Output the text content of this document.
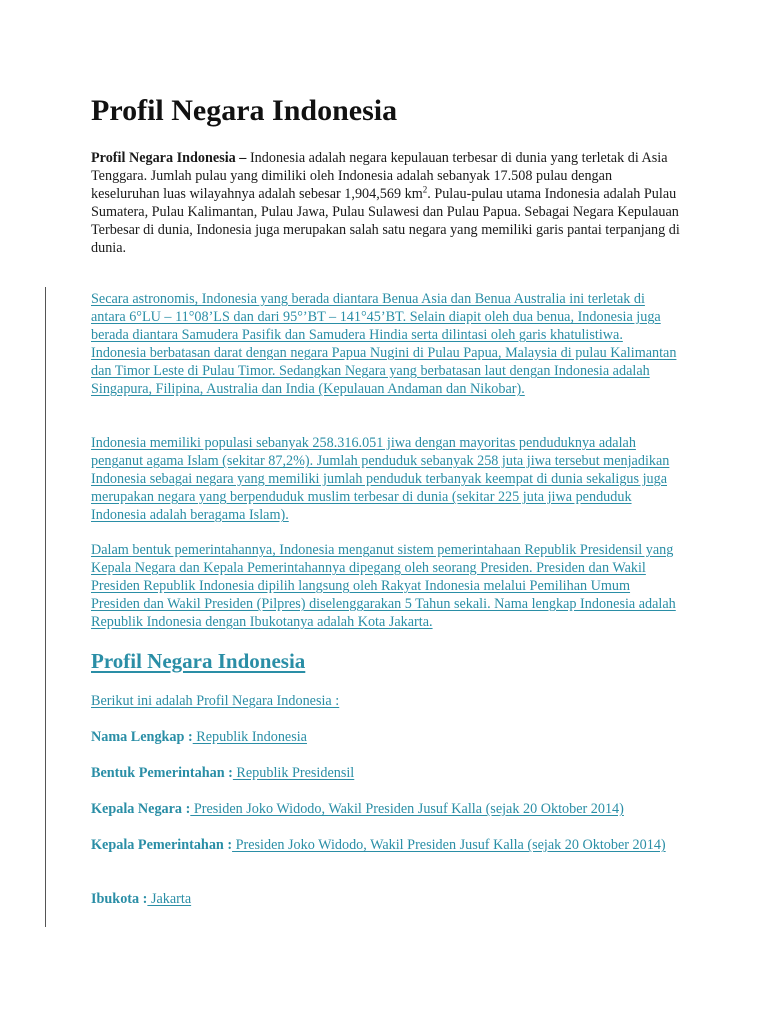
Profil Negara Indonesia

Profil Negara Indonesia – Indonesia adalah negara kepulauan terbesar di dunia yang terletak di Asia Tenggara. Jumlah pulau yang dimiliki oleh Indonesia adalah sebanyak 17.508 pulau dengan keseluruhan luas wilayahnya adalah sebesar 1,904,569 $km^2$. Pulau-pulau utama Indonesia adalah Pulau Sumatera, Pulau Kalimantan, Pulau Jawa, Pulau Sulawesi dan Pulau Papua. Sebagai Negara Kepulauan Terbesar di dunia, Indonesia juga merupakan salah satu negara yang memiliki garis pantai terpanjang di dunia.

Secara astronomis, Indonesia yang berada diantara Benua Asia dan Benua Australia ini terletak di antara 6°LU – 11°08’LS dan dari 95°’BT – 141°45’BT. Selain diapit oleh dua benua, Indonesia juga berada diantara Samudera Pasifik dan Samudera Hindia serta dilintasi oleh garis khatulistiwa. Indonesia berbatasan darat dengan negara Papua Nugini di Pulau Papua, Malaysia di pulau Kalimantan dan Timor Leste di Pulau Timor. Sedangkan Negara yang berbatasan laut dengan Indonesia adalah Singapura, Filipina, Australia dan India (Kepulauan Andaman dan Nikobar).

Indonesia memiliki populasi sebanyak 258.316.051 jiwa dengan mayoritas penduduknya adalah penganut agama Islam (sekitar 87,2%). Jumlah penduduk sebanyak 258 juta jiwa tersebut menjadikan Indonesia sebagai negara yang memiliki jumlah penduduk terbanyak keempat di dunia sekaligus juga merupakan negara yang berpenduduk muslim terbesar di dunia (sekitar 225 juta jiwa penduduk Indonesia adalah beragama Islam).

Dalam bentuk pemerintahannya, Indonesia menganut sistem pemerintahaan Republik Presidensil yang Kepala Negara dan Kepala Pemerintahannya dipegang oleh seorang Presiden. Presiden dan Wakil Presiden Republik Indonesia dipilih langsung oleh Rakyat Indonesia melalui Pemilihan Umum Presiden dan Wakil Presiden (Pilpres) diselenggarakan 5 Tahun sekali. Nama lengkap Indonesia adalah Republik Indonesia dengan Ibukotanya adalah Kota Jakarta.

Profil Negara Indonesia

Berikut ini adalah Profil Negara Indonesia :

Nama Lengkap : Republik Indonesia

Bentuk Pemerintahan : Republik Presidensil

Kepala Negara : Presiden Joko Widodo, Wakil Presiden Jusuf Kalla (sejak 20 Oktober 2014)

Kepala Pemerintahan : Presiden Joko Widodo, Wakil Presiden Jusuf Kalla (sejak 20 Oktober 2014)

Ibukota : Jakarta
